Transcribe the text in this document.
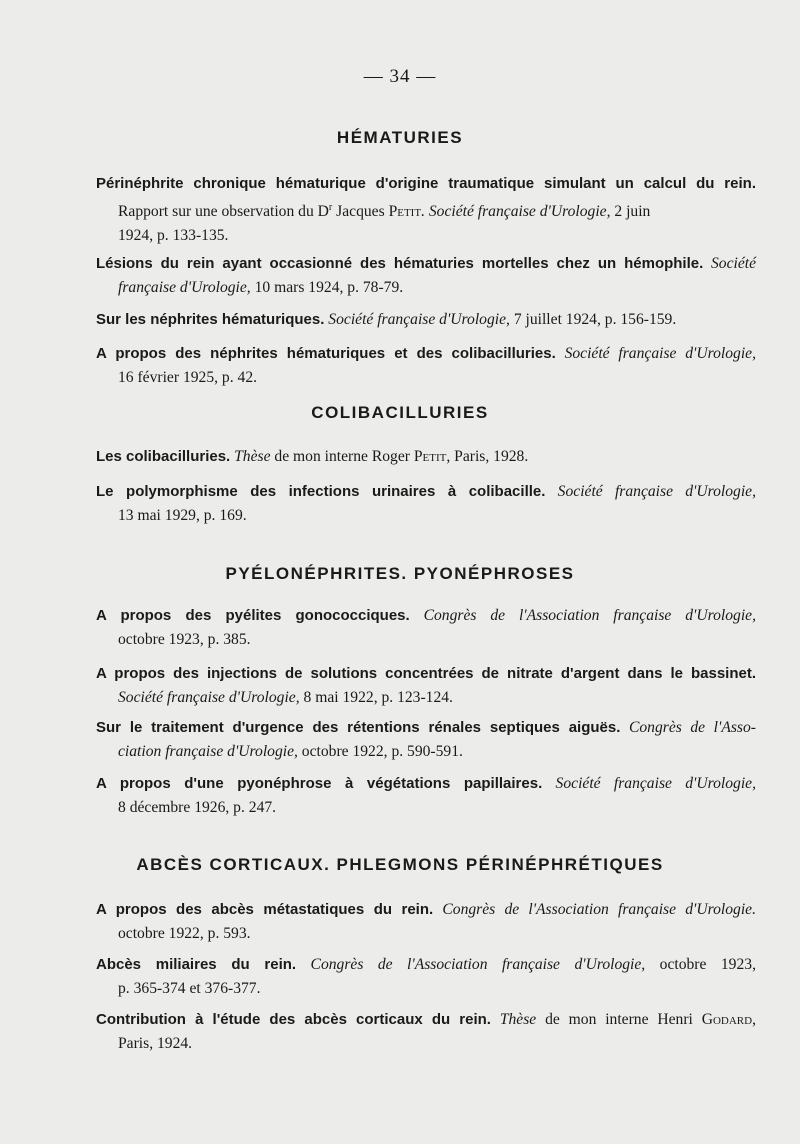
— 34 —
HÉMATURIES
Périnéphrite chronique hématurique d'origine traumatique simulant un calcul du rein.
Rapport sur une observation du $D^r$ Jacques Petit. Société française d'Urologie, 2 juin
1924, p. 133-135.
Lésions du rein ayant occasionné des hématuries mortelles chez un hémophile. Société
française d'Urologie, 10 mars 1924, p. 78-79.
Sur les néphrites hématuriques. Société française d'Urologie, 7 juillet 1924, p. 156-159.
A propos des néphrites hématuriques et des colibacilluries. Société française d'Urologie,
16 février 1925, p. 42.
COLIBACILLURIES
Les colibacilluries. Thèse de mon interne Roger Petit, Paris, 1928.
Le polymorphisme des infections urinaires à colibacille. Société française d'Urologie,
13 mai 1929, p. 169.
PYÉLONÉPHRITES. PYONÉPHROSES
A propos des pyélites gonococciques. Congrès de l'Association française d'Urologie,
octobre 1923, p. 385.
A propos des injections de solutions concentrées de nitrate d'argent dans le bassinet.
Société française d'Urologie, 8 mai 1922, p. 123-124.
Sur le traitement d'urgence des rétentions rénales septiques aiguës. Congrès de l'Asso-
ciation française d'Urologie, octobre 1922, p. 590-591.
A propos d'une pyonéphrose à végétations papillaires. Société française d'Urologie,
8 décembre 1926, p. 247.
ABCÈS CORTICAUX. PHLEGMONS PÉRINÉPHRÉTIQUES
A propos des abcès métastatiques du rein. Congrès de l'Association française d'Urologie.
octobre 1922, p. 593.
Abcès miliaires du rein. Congrès de l'Association française d'Urologie, octobre 1923,
p. 365-374 et 376-377.
Contribution à l'étude des abcès corticaux du rein. Thèse de mon interne Henri Godard,
Paris, 1924.
